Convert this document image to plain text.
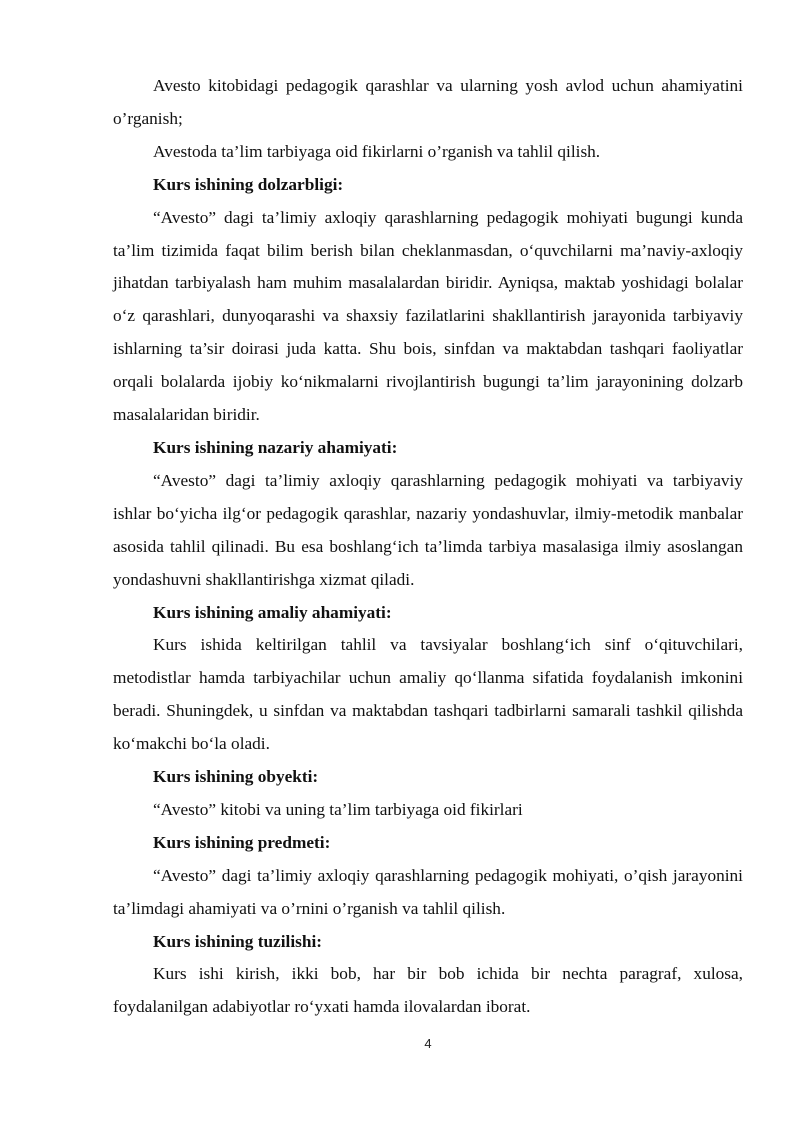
Avesto kitobidagi pedagogik qarashlar va ularning yosh avlod uchun ahamiyatini o’rganish;

Avestoda ta’lim tarbiyaga oid fikirlarni o’rganish va tahlil qilish.

Kurs ishining dolzarbligi:

“Avesto” dagi ta’limiy axloqiy qarashlarning pedagogik mohiyati bugungi kunda ta’lim tizimida faqat bilim berish bilan cheklanmasdan, o‘quvchilarni ma’naviy-axloqiy jihatdan tarbiyalash ham muhim masalalardan biridir. Ayniqsa, maktab yoshidagi bolalar o‘z qarashlari, dunyoqarashi va shaxsiy fazilatlarini shakllantirish jarayonida tarbiyaviy ishlarning ta’sir doirasi juda katta. Shu bois, sinfdan va maktabdan tashqari faoliyatlar orqali bolalarda ijobiy ko‘nikmalarni rivojlantirish bugungi ta’lim jarayonining dolzarb masalalaridan biridir.

Kurs ishining nazariy ahamiyati:

“Avesto” dagi ta’limiy axloqiy qarashlarning pedagogik mohiyati va tarbiyaviy ishlar bo‘yicha ilg‘or pedagogik qarashlar, nazariy yondashuvlar, ilmiy-metodik manbalar asosida tahlil qilinadi. Bu esa boshlang‘ich ta’limda tarbiya masalasiga ilmiy asoslangan yondashuvni shakllantirishga xizmat qiladi.

Kurs ishining amaliy ahamiyati:

Kurs ishida keltirilgan tahlil va tavsiyalar boshlang‘ich sinf o‘qituvchilari, metodistlar hamda tarbiyachilar uchun amaliy qo‘llanma sifatida foydalanish imkonini beradi. Shuningdek, u sinfdan va maktabdan tashqari tadbirlarni samarali tashkil qilishda ko‘makchi bo‘la oladi.

Kurs ishining obyekti:

“Avesto” kitobi va uning ta’lim tarbiyaga oid fikirlari

Kurs ishining predmeti:

“Avesto” dagi ta’limiy axloqiy qarashlarning pedagogik mohiyati, o’qish jarayonini ta’limdagi ahamiyati va o’rnini o’rganish va tahlil qilish.

Kurs ishining tuzilishi:

Kurs ishi kirish, ikki bob, har bir bob ichida bir nechta paragraf, xulosa, foydalanilgan adabiyotlar ro‘yxati hamda ilovalardan iborat.

4
